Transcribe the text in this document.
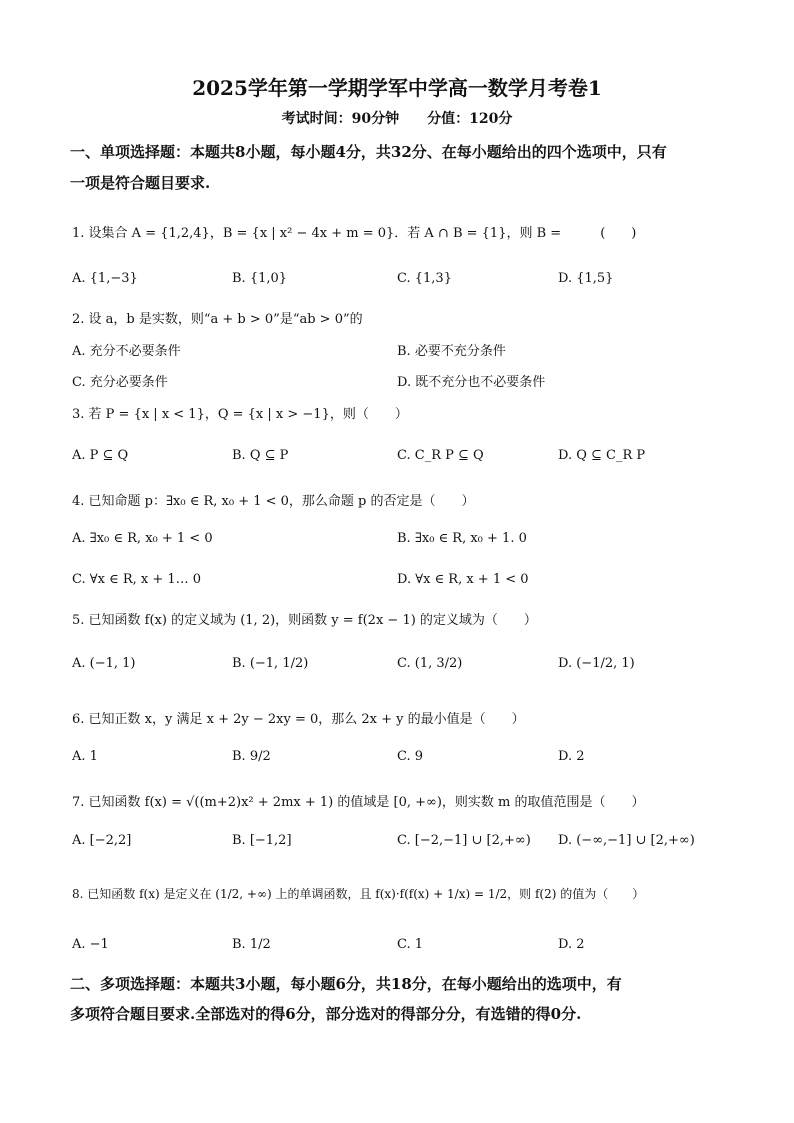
2025学年第一学期学军中学高一数学月考卷1
考试时间：90分钟　　分值：120分
一、单项选择题：本题共8小题，每小题4分，共32分、在每小题给出的四个选项中，只有
一项是符合题目要求.
1. 设集合 A = {1,2,4}，B = {x | x² − 4x + m = 0}．若 A ∩ B = {1}，则 B =　　　(　　)
A. {1,−3}	B. {1,0}	C. {1,3}	D. {1,5}
2. 设 a，b 是实数，则“a + b > 0”是“ab > 0”的
A. 充分不必要条件	B. 必要不充分条件
C. 充分必要条件	D. 既不充分也不必要条件
3. 若 P = {x | x < 1}，Q = {x | x > −1}，则（　　）
A. P ⊆ Q	B. Q ⊆ P	C. C_R P ⊆ Q	D. Q ⊆ C_R P
4. 已知命题 p：∃x₀ ∈ R, x₀ + 1 < 0，那么命题 p 的否定是（　　）
A. ∃x₀ ∈ R, x₀ + 1 < 0	B. ∃x₀ ∈ R, x₀ + 1. 0
C. ∀x ∈ R, x + 1… 0	D. ∀x ∈ R, x + 1 < 0
5. 已知函数 f(x) 的定义域为 (1, 2)，则函数 y = f(2x − 1) 的定义域为（　　）
A. (−1, 1)	B. (−1, 1/2)	C. (1, 3/2)	D. (−1/2, 1)
6. 已知正数 x，y 满足 x + 2y − 2xy = 0，那么 2x + y 的最小值是（　　）
A. 1	B. 9/2	C. 9	D. 2
7. 已知函数 f(x) = √((m+2)x² + 2mx + 1) 的值域是 [0, +∞)，则实数 m 的取值范围是（　　）
A. [−2,2]	B. [−1,2]	C. [−2,−1] ∪ [2,+∞) D. (−∞,−1] ∪ [2,+∞)
8. 已知函数 f(x) 是定义在 (1/2, +∞) 上的单调函数，且 f(x)·f(f(x) + 1/x) = 1/2，则 f(2) 的值为（　　）
A. −1	B. 1/2	C. 1	D. 2
二、多项选择题：本题共3小题，每小题6分，共18分，在每小题给出的选项中，有
多项符合题目要求.全部选对的得6分，部分选对的得部分分，有选错的得0分.
